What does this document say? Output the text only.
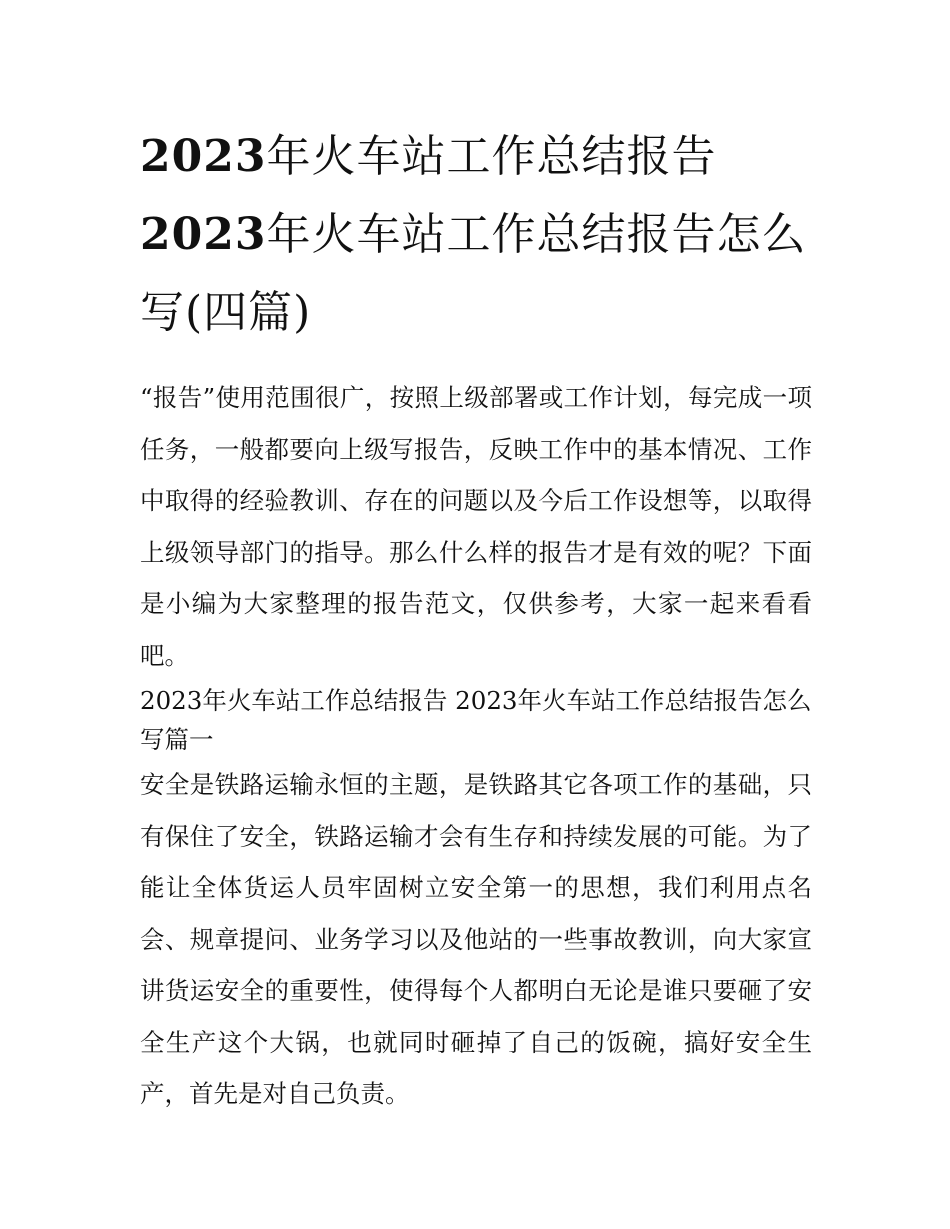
2023年火车站工作总结报告
2023年火车站工作总结报告怎么写(四篇)

“报告”使用范围很广，按照上级部署或工作计划，每完成一项任务，一般都要向上级写报告，反映工作中的基本情况、工作中取得的经验教训、存在的问题以及今后工作设想等，以取得上级领导部门的指导。那么什么样的报告才是有效的呢？下面是小编为大家整理的报告范文，仅供参考，大家一起来看看吧。

2023年火车站工作总结报告 2023年火车站工作总结报告怎么写篇一

安全是铁路运输永恒的主题，是铁路其它各项工作的基础，只有保住了安全，铁路运输才会有生存和持续发展的可能。为了能让全体货运人员牢固树立安全第一的思想，我们利用点名会、规章提问、业务学习以及他站的一些事故教训，向大家宣讲货运安全的重要性，使得每个人都明白无论是谁只要砸了安全生产这个大锅，也就同时砸掉了自己的饭碗，搞好安全生产，首先是对自己负责。
